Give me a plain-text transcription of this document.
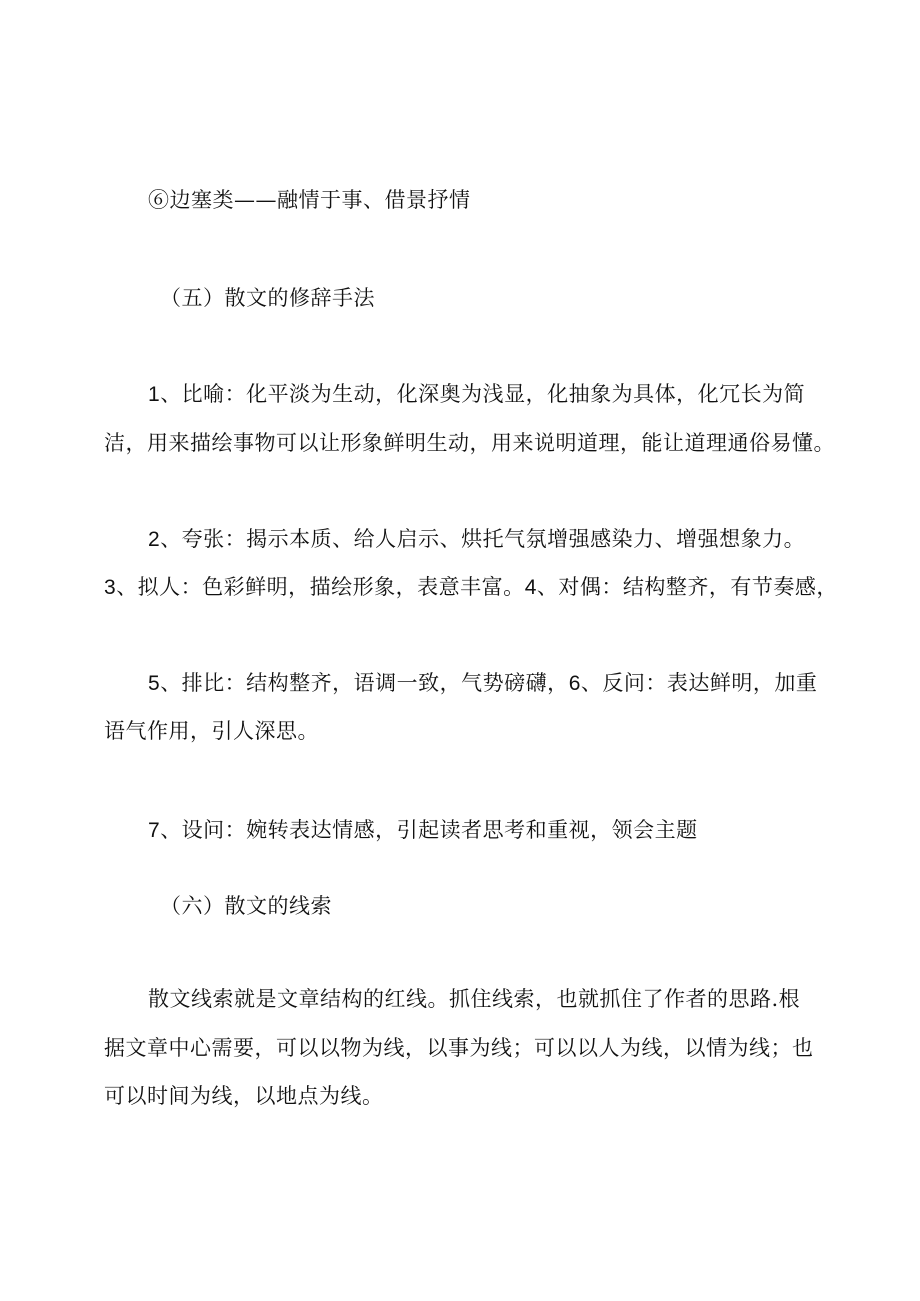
⑥边塞类——融情于事、借景抒情
（五）散文的修辞手法
1、比喻：化平淡为生动，化深奥为浅显，化抽象为具体，化冗长为简
洁，用来描绘事物可以让形象鲜明生动，用来说明道理，能让道理通俗易懂。
2、夸张：揭示本质、给人启示、烘托气氛增强感染力、增强想象力。
3、拟人：色彩鲜明，描绘形象，表意丰富。4、对偶：结构整齐，有节奏感，
5、排比：结构整齐，语调一致，气势磅礴，6、反问：表达鲜明，加重
语气作用，引人深思。
7、设问：婉转表达情感，引起读者思考和重视，领会主题
（六）散文的线索
散文线索就是文章结构的红线。抓住线索，也就抓住了作者的思路.根
据文章中心需要，可以以物为线，以事为线；可以以人为线，以情为线；也
可以时间为线，以地点为线。
